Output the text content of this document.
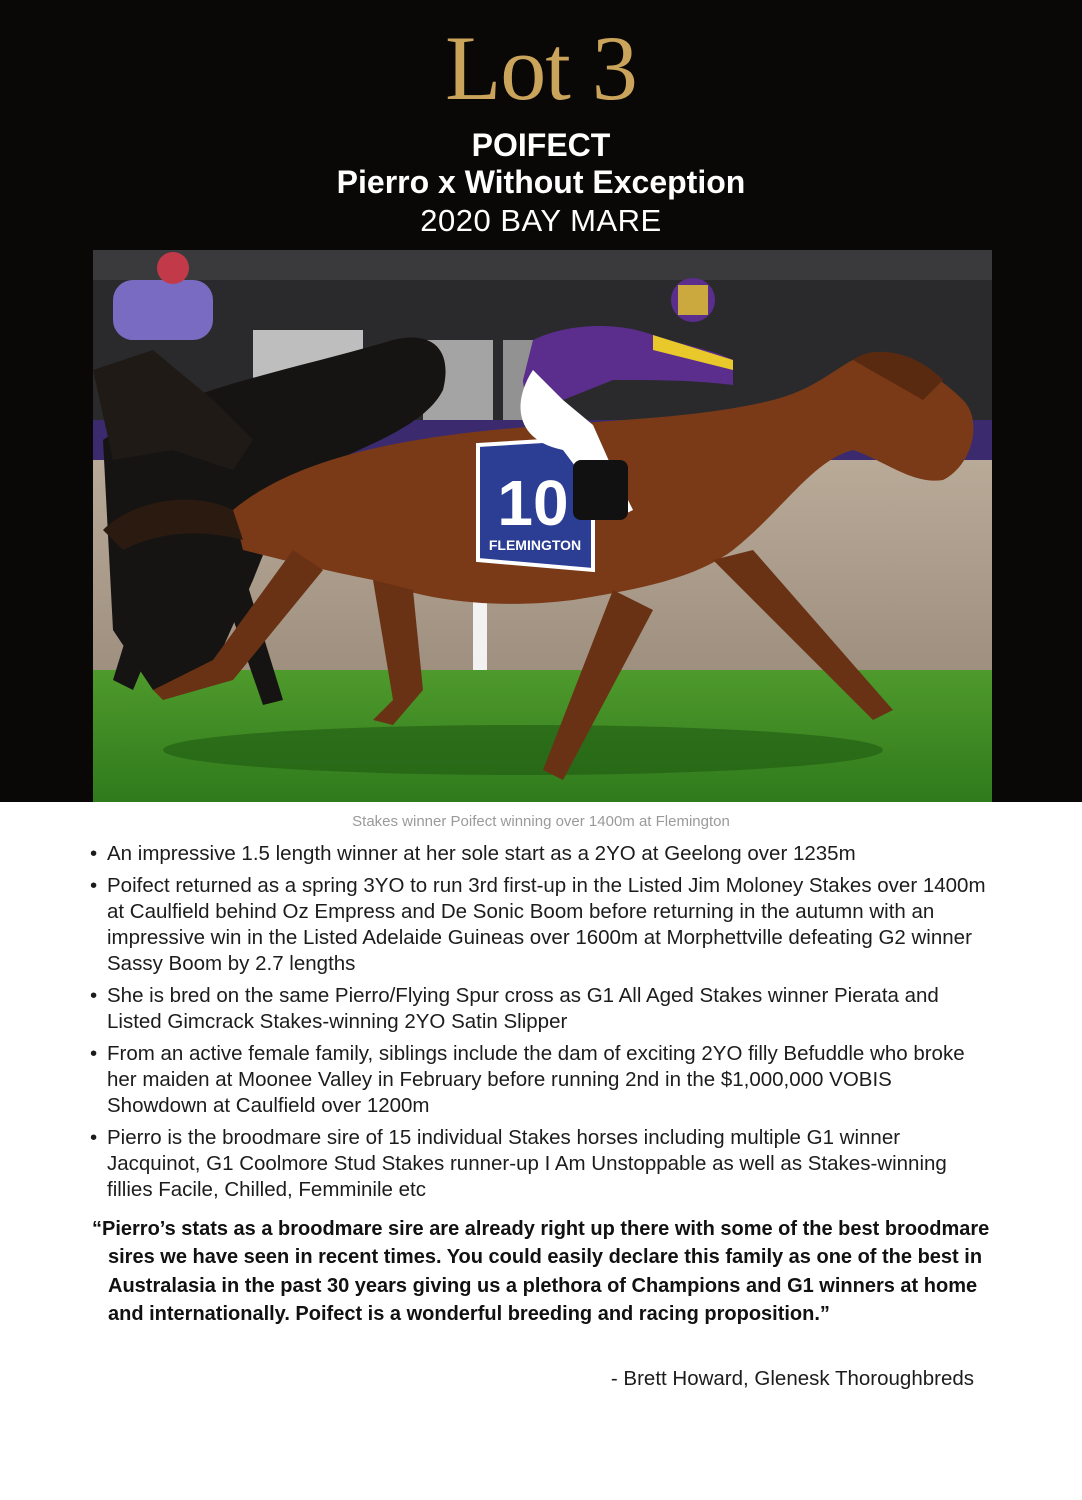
Lot 3
POIFECT
Pierro x Without Exception
2020 BAY MARE
10
FLEMINGTON
Stakes winner Poifect winning over 1400m at Flemington
• An impressive 1.5 length winner at her sole start as a 2YO at Geelong over 1235m
• Poifect returned as a spring 3YO to run 3rd first-up in the Listed Jim Moloney Stakes over 1400m at Caulfield behind Oz Empress and De Sonic Boom before returning in the autumn with an impressive win in the Listed Adelaide Guineas over 1600m at Morphettville defeating G2 winner Sassy Boom by 2.7 lengths
• She is bred on the same Pierro/Flying Spur cross as G1 All Aged Stakes winner Pierata and Listed Gimcrack Stakes-winning 2YO Satin Slipper
• From an active female family, siblings include the dam of exciting 2YO filly Befuddle who broke her maiden at Moonee Valley in February before running 2nd in the $1,000,000 VOBIS Showdown at Caulfield over 1200m
• Pierro is the broodmare sire of 15 individual Stakes horses including multiple G1 winner Jacquinot, G1 Coolmore Stud Stakes runner-up I Am Unstoppable as well as Stakes-winning fillies Facile, Chilled, Femminile etc

“Pierro’s stats as a broodmare sire are already right up there with some of the best broodmare sires we have seen in recent times. You could easily declare this family as one of the best in Australasia in the past 30 years giving us a plethora of Champions and G1 winners at home and internationally. Poifect is a wonderful breeding and racing proposition.”

- Brett Howard, Glenesk Thoroughbreds
